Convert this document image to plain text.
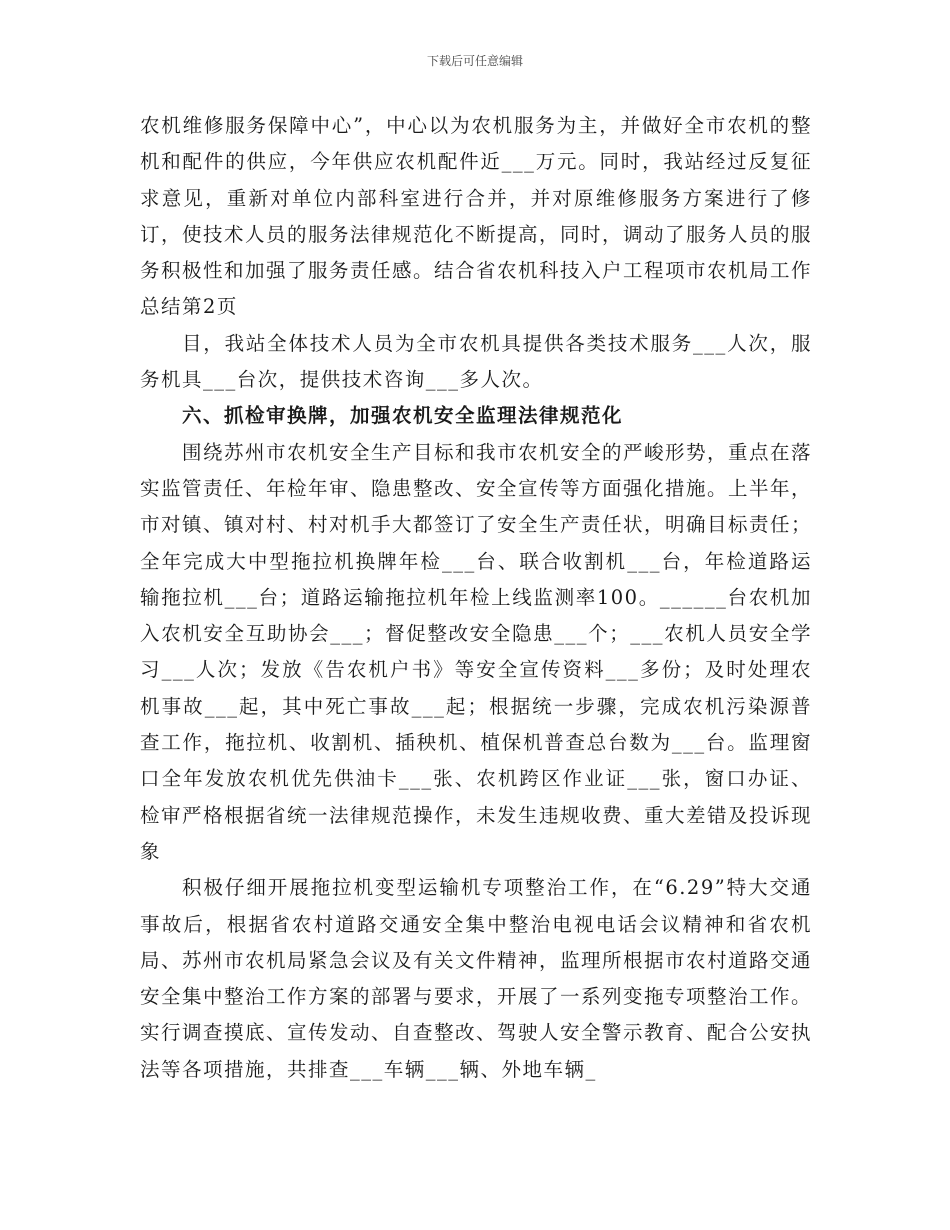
下载后可任意编辑

农机维修服务保障中心”，中心以为农机服务为主，并做好全市农机的整机和配件的供应，今年供应农机配件近___万元。同时，我站经过反复征求意见，重新对单位内部科室进行合并，并对原维修服务方案进行了修订，使技术人员的服务法律规范化不断提高，同时，调动了服务人员的服务积极性和加强了服务责任感。结合省农机科技入户工程项市农机局工作总结第2页

目，我站全体技术人员为全市农机具提供各类技术服务___人次，服务机具___台次，提供技术咨询___多人次。

六、抓检审换牌，加强农机安全监理法律规范化

围绕苏州市农机安全生产目标和我市农机安全的严峻形势，重点在落实监管责任、年检年审、隐患整改、安全宣传等方面强化措施。上半年，市对镇、镇对村、村对机手大都签订了安全生产责任状，明确目标责任；全年完成大中型拖拉机换牌年检___台、联合收割机___台，年检道路运输拖拉机___台；道路运输拖拉机年检上线监测率100。______台农机加入农机安全互助协会___；督促整改安全隐患___个；___农机人员安全学习___人次；发放《告农机户书》等安全宣传资料___多份；及时处理农机事故___起，其中死亡事故___起；根据统一步骤，完成农机污染源普查工作，拖拉机、收割机、插秧机、植保机普查总台数为___台。监理窗口全年发放农机优先供油卡___张、农机跨区作业证___张，窗口办证、检审严格根据省统一法律规范操作，未发生违规收费、重大差错及投诉现象

积极仔细开展拖拉机变型运输机专项整治工作，在“6.29”特大交通事故后，根据省农村道路交通安全集中整治电视电话会议精神和省农机局、苏州市农机局紧急会议及有关文件精神，监理所根据市农村道路交通安全集中整治工作方案的部署与要求，开展了一系列变拖专项整治工作。实行调查摸底、宣传发动、自查整改、驾驶人安全警示教育、配合公安执法等各项措施，共排查___车辆___辆、外地车辆_
